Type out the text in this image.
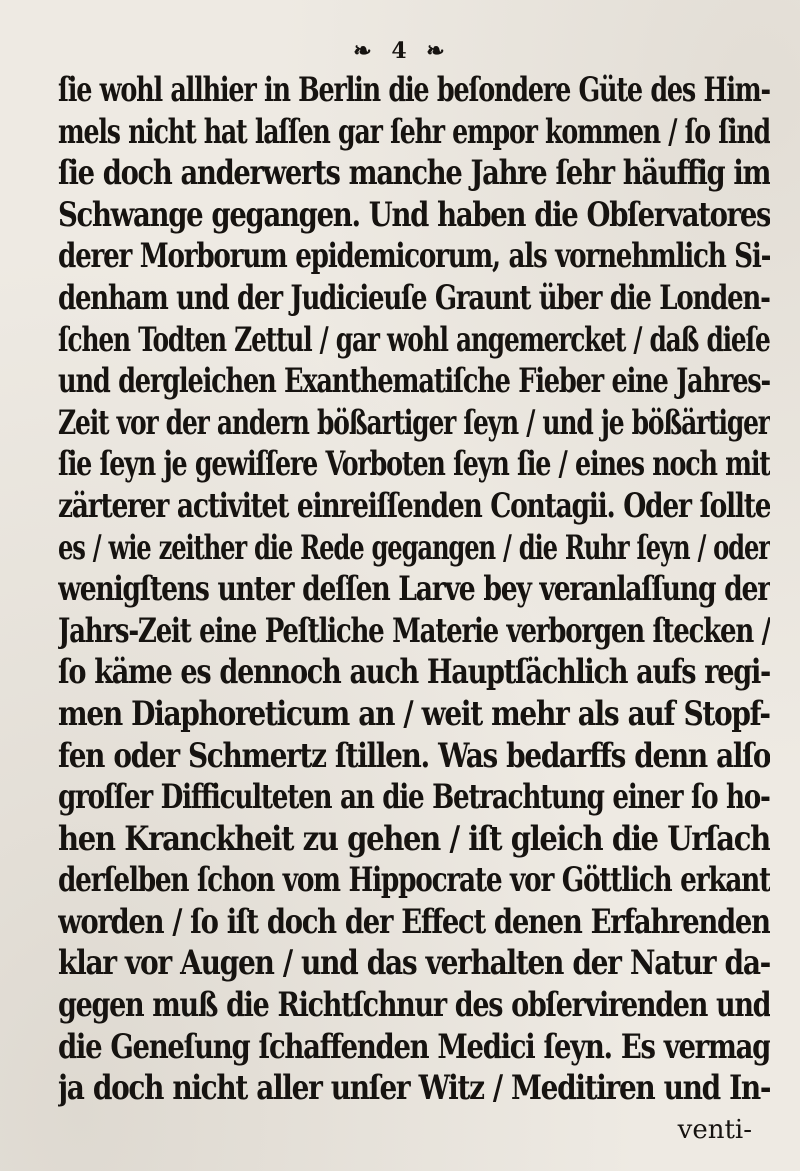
❧ 4 ❧
ſie wohl allhier in Berlin die beſondere Güte des Him-
mels nicht hat laſſen gar ſehr empor kommen / ſo ſind
ſie doch anderwerts manche Jahre ſehr häuffig im
Schwange gegangen. Und haben die Obſervatores
derer Morborum epidemicorum, als vornehmlich Si-
denham und der Judicieuſe Graunt über die Londen-
ſchen Todten Zettul / gar wohl angemercket / daß dieſe
und dergleichen Exanthematiſche Fieber eine Jahres-
Zeit vor der andern bößartiger ſeyn / und je bößärtiger
ſie ſeyn je gewiſſere Vorboten ſeyn ſie / eines noch mit
zärterer activitet einreiſſenden Contagii. Oder ſollte
es / wie zeither die Rede gegangen / die Ruhr ſeyn / oder
wenigſtens unter deſſen Larve bey veranlaſſung der
Jahrs-Zeit eine Peſtliche Materie verborgen ſtecken /
ſo käme es dennoch auch Hauptſächlich aufs regi-
men Diaphoreticum an / weit mehr als auf Stopf-
fen oder Schmertz ſtillen. Was bedarffs denn alſo
groſſer Difficulteten an die Betrachtung einer ſo ho-
hen Kranckheit zu gehen / iſt gleich die Urſach
derſelben ſchon vom Hippocrate vor Göttlich erkant
worden / ſo iſt doch der Effect denen Erfahrenden
klar vor Augen / und das verhalten der Natur da-
gegen muß die Richtſchnur des obſervirenden und
die Geneſung ſchaffenden Medici ſeyn. Es vermag
ja doch nicht aller unſer Witz / Meditiren und In-
venti-
